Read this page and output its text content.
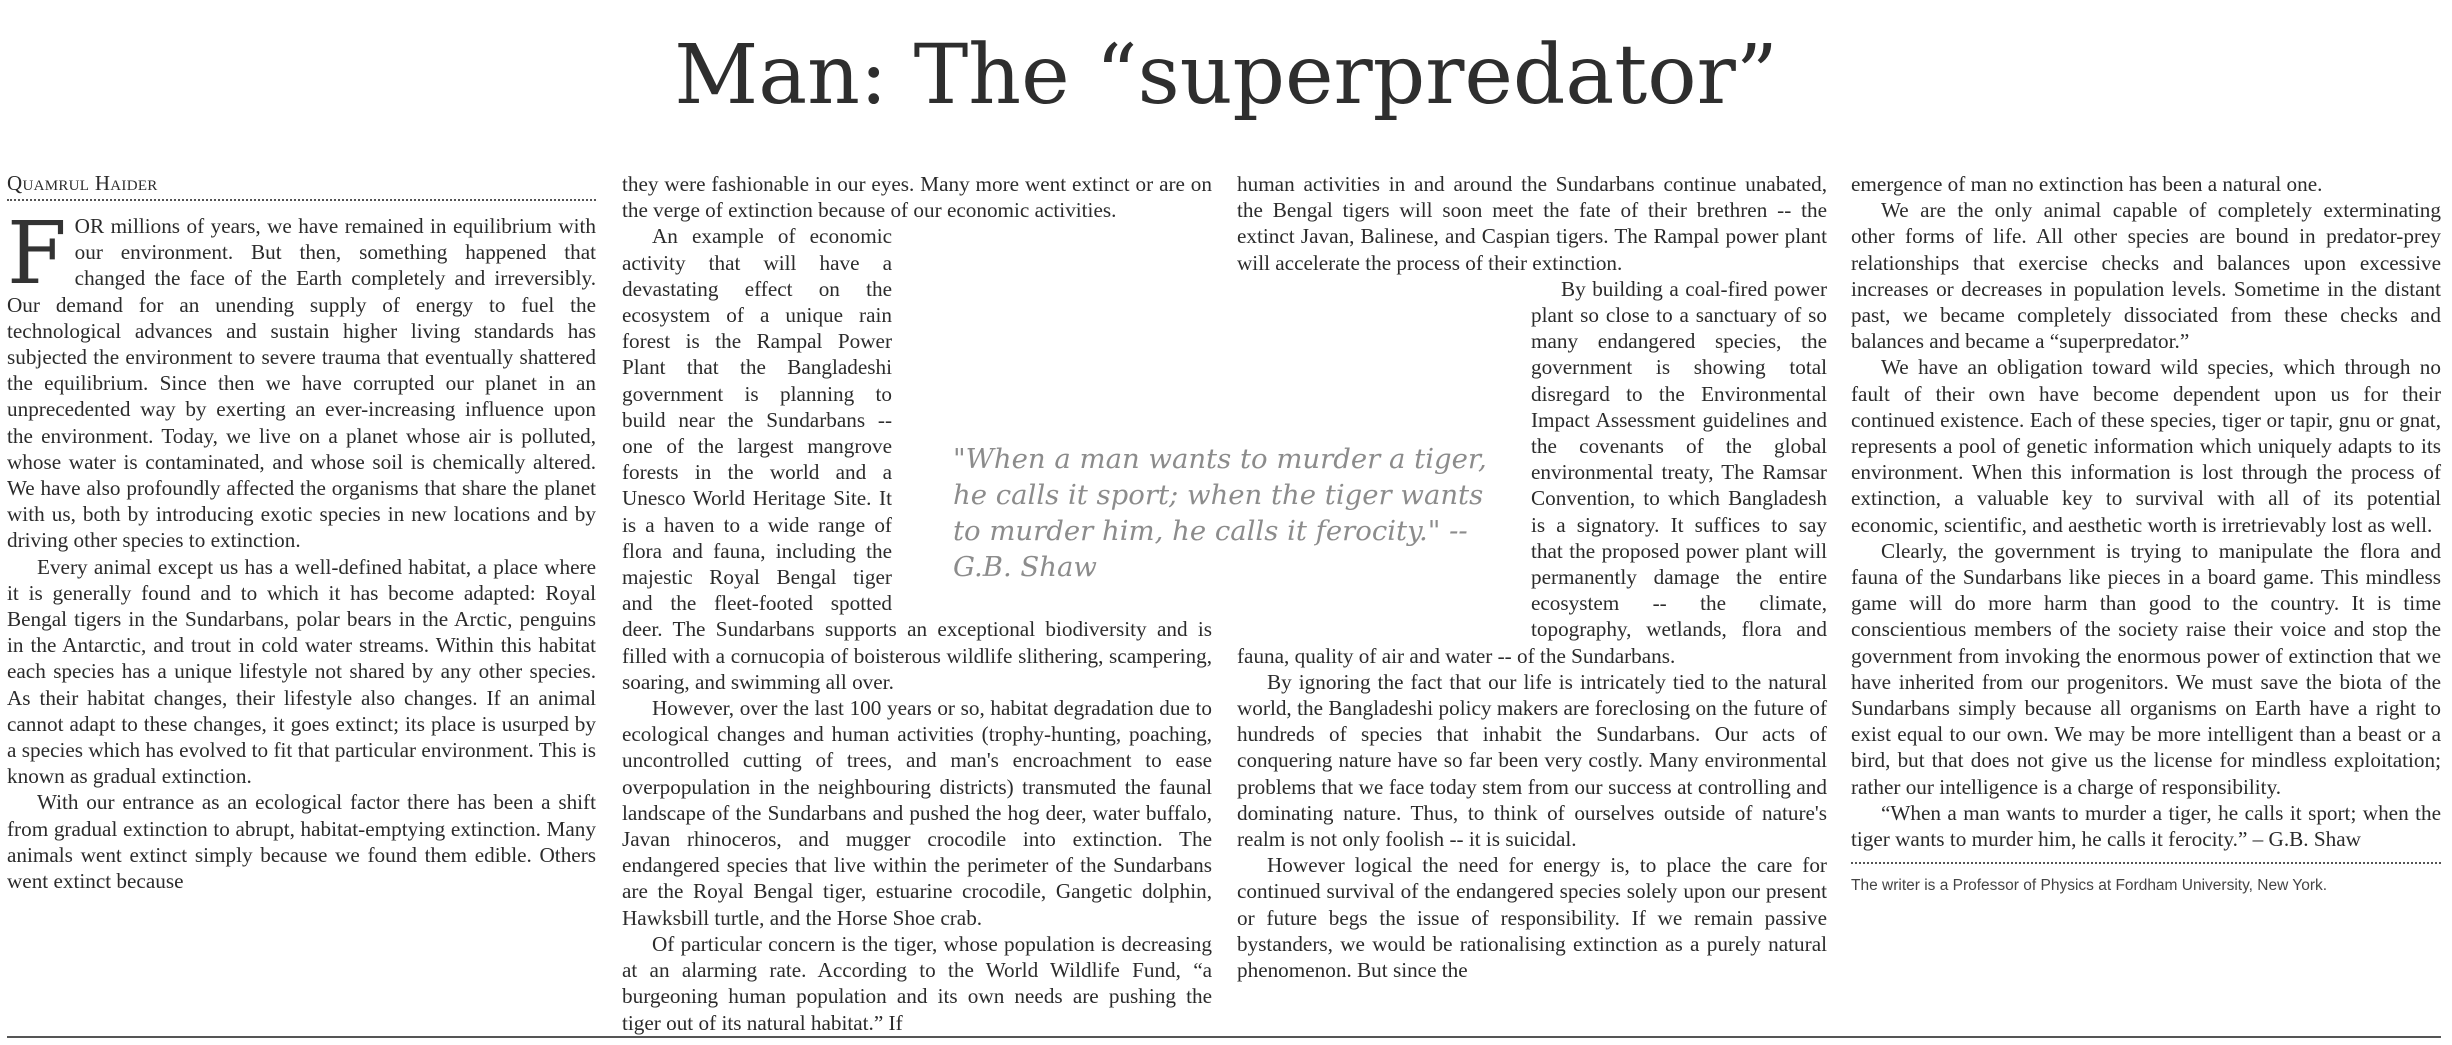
Man: The “superpredator”
Quamrul Haider

FOR millions of years, we have remained in equilibrium with our environment. But then, something happened that changed the face of the Earth completely and irreversibly. Our demand for an unending supply of energy to fuel the technological advances and sustain higher living standards has subjected the environment to severe trauma that eventually shattered the equilibrium. Since then we have corrupted our planet in an unprecedented way by exerting an ever-increasing influence upon the environment. Today, we live on a planet whose air is polluted, whose water is contaminated, and whose soil is chemically altered. We have also profoundly affected the organisms that share the planet with us, both by introducing exotic species in new locations and by driving other species to extinction.

Every animal except us has a well-defined habitat, a place where it is generally found and to which it has become adapted: Royal Bengal tigers in the Sundarbans, polar bears in the Arctic, penguins in the Antarctic, and trout in cold water streams. Within this habitat each species has a unique lifestyle not shared by any other species. As their habitat changes, their lifestyle also changes. If an animal cannot adapt to these changes, it goes extinct; its place is usurped by a species which has evolved to fit that particular environment. This is known as gradual extinction.

With our entrance as an ecological factor there has been a shift from gradual extinction to abrupt, habitat-emptying extinction. Many animals went extinct simply because we found them edible. Others went extinct because

they were fashionable in our eyes. Many more went extinct or are on the verge of extinction because of our economic activities.

An example of economic activity that will have a devastating effect on the ecosystem of a unique rain forest is the Rampal Power Plant that the Bangladeshi government is planning to build near the Sundarbans -- one of the largest mangrove forests in the world and a Unesco World Heritage Site. It is a haven to a wide range of flora and fauna, including the majestic Royal Bengal tiger and the fleet-footed spotted deer. The Sundarbans supports an exceptional biodiversity and is filled with a cornucopia of boisterous wildlife slithering, scampering, soaring, and swimming all over.

However, over the last 100 years or so, habitat degradation due to ecological changes and human activities (trophy-hunting, poaching, uncontrolled cutting of trees, and man's encroachment to ease overpopulation in the neighbouring districts) transmuted the faunal landscape of the Sundarbans and pushed the hog deer, water buffalo, Javan rhinoceros, and mugger crocodile into extinction. The endangered species that live within the perimeter of the Sundarbans are the Royal Bengal tiger, estuarine crocodile, Gangetic dolphin, Hawksbill turtle, and the Horse Shoe crab.

Of particular concern is the tiger, whose population is decreasing at an alarming rate. According to the World Wildlife Fund, “a burgeoning human population and its own needs are pushing the tiger out of its natural habitat.” If

human activities in and around the Sundarbans continue unabated, the Bengal tigers will soon meet the fate of their brethren -- the extinct Javan, Balinese, and Caspian tigers. The Rampal power plant will accelerate the process of their extinction.

By building a coal-fired power plant so close to a sanctuary of so many endangered species, the government is showing total disregard to the Environmental Impact Assessment guidelines and the covenants of the global environmental treaty, The Ramsar Convention, to which Bangladesh is a signatory. It suffices to say that the proposed power plant will permanently damage the entire ecosystem -- the climate, topography, wetlands, flora and fauna, quality of air and water -- of the Sundarbans.

By ignoring the fact that our life is intricately tied to the natural world, the Bangladeshi policy makers are foreclosing on the future of hundreds of species that inhabit the Sundarbans. Our acts of conquering nature have so far been very costly. Many environmental problems that we face today stem from our success at controlling and dominating nature. Thus, to think of ourselves outside of nature's realm is not only foolish -- it is suicidal.

However logical the need for energy is, to place the care for continued survival of the endangered species solely upon our present or future begs the issue of responsibility. If we remain passive bystanders, we would be rationalising extinction as a purely natural phenomenon. But since the

emergence of man no extinction has been a natural one.

We are the only animal capable of completely exterminating other forms of life. All other species are bound in predator-prey relationships that exercise checks and balances upon excessive increases or decreases in population levels. Sometime in the distant past, we became completely dissociated from these checks and balances and became a “superpredator.”

We have an obligation toward wild species, which through no fault of their own have become dependent upon us for their continued existence. Each of these species, tiger or tapir, gnu or gnat, represents a pool of genetic information which uniquely adapts to its environment. When this information is lost through the process of extinction, a valuable key to survival with all of its potential economic, scientific, and aesthetic worth is irretrievably lost as well.

Clearly, the government is trying to manipulate the flora and fauna of the Sundarbans like pieces in a board game. This mindless game will do more harm than good to the country. It is time conscientious members of the society raise their voice and stop the government from invoking the enormous power of extinction that we have inherited from our progenitors. We must save the biota of the Sundarbans simply because all organisms on Earth have a right to exist equal to our own. We may be more intelligent than a beast or a bird, but that does not give us the license for mindless exploitation; rather our intelligence is a charge of responsibility.

“When a man wants to murder a tiger, he calls it sport; when the tiger wants to murder him, he calls it ferocity.” – G.B. Shaw

The writer is a Professor of Physics at Fordham University, New York.
"When a man wants to murder a tiger, he calls it sport; when the tiger wants to murder him, he calls it ferocity." -- G.B. Shaw
